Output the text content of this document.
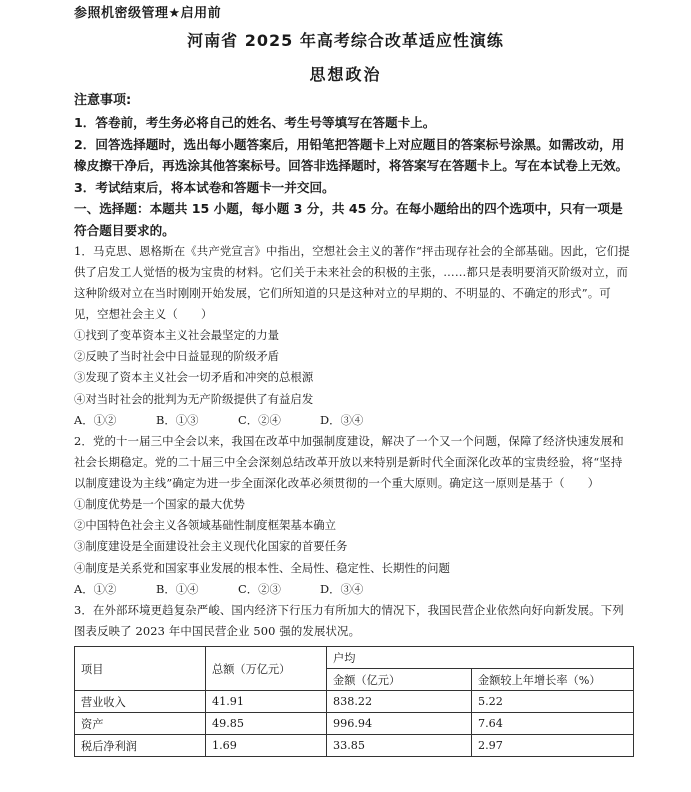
参照机密级管理★启用前
河南省 2025 年高考综合改革适应性演练
思想政治

注意事项:

1．答卷前，考生务必将自己的姓名、考生号等填写在答题卡上。

2．回答选择题时，选出每小题答案后，用铅笔把答题卡上对应题目的答案标号涂黑。如需改动，用橡皮擦干净后，再选涂其他答案标号。回答非选择题时，将答案写在答题卡上。写在本试卷上无效。

3．考试结束后，将本试卷和答题卡一并交回。

一、选择题：本题共 15 小题，每小题 3 分，共 45 分。在每小题给出的四个选项中，只有一项是符合题目要求的。

1．马克思、恩格斯在《共产党宣言》中指出，空想社会主义的著作“抨击现存社会的全部基础。因此，它们提供了启发工人觉悟的极为宝贵的材料。它们关于未来社会的积极的主张，……都只是表明要消灭阶级对立，而这种阶级对立在当时刚刚开始发展，它们所知道的只是这种对立的早期的、不明显的、不确定的形式”。可见，空想社会主义（　　）

①找到了变革资本主义社会最坚定的力量

②反映了当时社会中日益显现的阶级矛盾

③发现了资本主义社会一切矛盾和冲突的总根源

④对当时社会的批判为无产阶级提供了有益启发

A．①②	B．①③	C．②④	D．③④

2．党的十一届三中全会以来，我国在改革中加强制度建设，解决了一个又一个问题，保障了经济快速发展和社会长期稳定。党的二十届三中全会深刻总结改革开放以来特别是新时代全面深化改革的宝贵经验，将“坚持以制度建设为主线”确定为进一步全面深化改革必须贯彻的一个重大原则。确定这一原则是基于（　　）

①制度优势是一个国家的最大优势

②中国特色社会主义各领域基础性制度框架基本确立

③制度建设是全面建设社会主义现代化国家的首要任务

④制度是关系党和国家事业发展的根本性、全局性、稳定性、长期性的问题

A．①②	B．①④	C．②③	D．③④

3．在外部环境更趋复杂严峻、国内经济下行压力有所加大的情况下，我国民营企业依然向好向新发展。下列图表反映了 2023 年中国民营企业 500 强的发展状况。

项目	总额（万亿元）	户均	
		金额（亿元）	金额较上年增长率（%）
营业收入	41.91	838.22	5.22
资产	49.85	996.94	7.64
税后净利润	1.69	33.85	2.97
